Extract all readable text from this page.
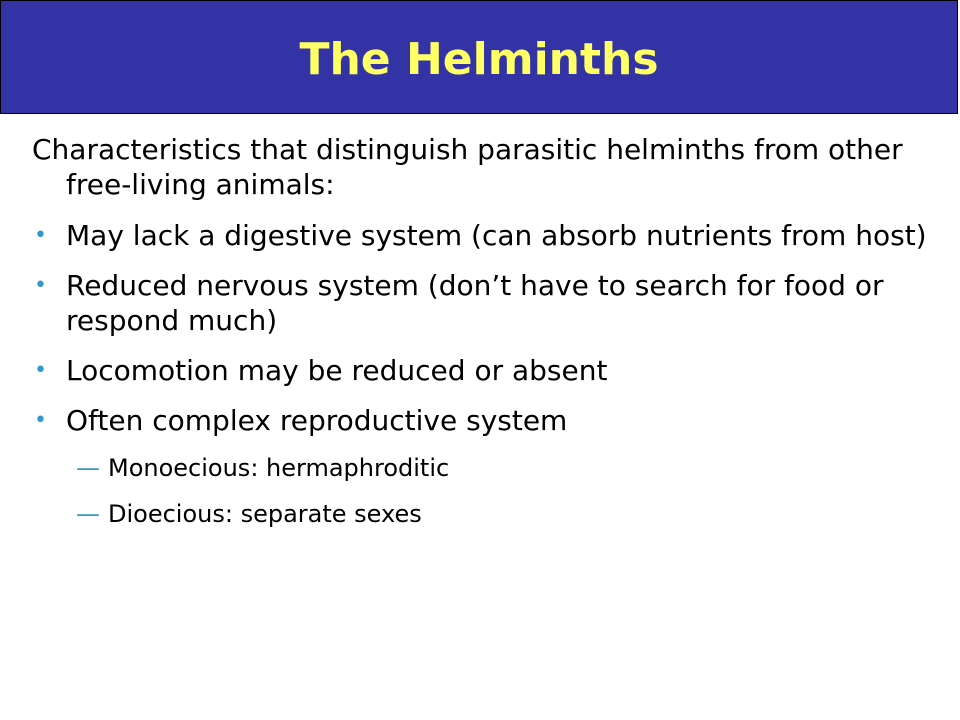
The Helminths

Characteristics that distinguish parasitic helminths from other free-living animals:

• May lack a digestive system (can absorb nutrients from host)
• Reduced nervous system (don’t have to search for food or respond much)
• Locomotion may be reduced or absent
• Often complex reproductive system
— Monoecious: hermaphroditic
— Dioecious: separate sexes
